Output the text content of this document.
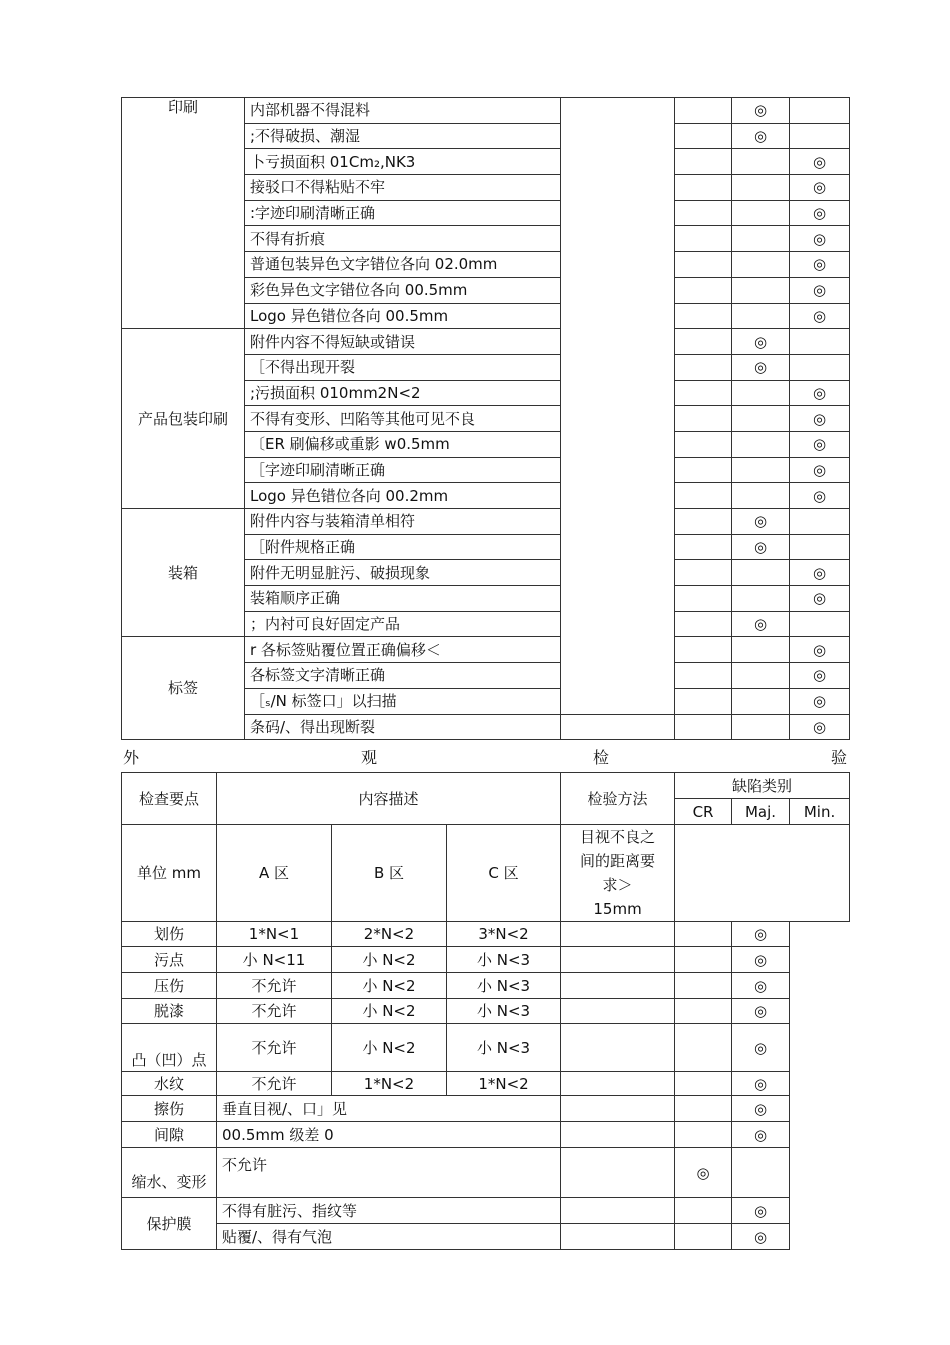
印刷	内部机器不得混料			◎	
	;不得破损、潮湿			◎	
	卜亏损面积 01Cm₂,NK3				◎
	接驳口不得粘贴不牢				◎
	:字迹印刷清晰正确				◎
	不得有折痕				◎
	普通包装异色文字错位各向 02.0mm				◎
	彩色异色文字错位各向 00.5mm				◎
	Logo 异色错位各向 00.5mm				◎
产品包装印刷	附件内容不得短缺或错误			◎	
	［不得出现开裂			◎	
	;污损面积 010mm2N<2				◎
	不得有变形、凹陷等其他可见不良				◎
	〔ER 刷偏移或重影 w0.5mm				◎
	［字迹印刷清晰正确				◎
	Logo 异色错位各向 00.2mm				◎
装箱	附件内容与装箱清单相符			◎	
	［附件规格正确			◎	
	附件无明显脏污、破损现象				◎
	装箱顺序正确				◎
	；内衬可良好固定产品			◎	
标签	r 各标签贴覆位置正确偏移＜				◎
	各标签文字清晰正确				◎
	［ₛ/N 标签口」以扫描				◎
	条码/、得出现断裂				◎
外	观	检	验
检查要点	内容描述			检验方法	缺陷类别		
					CR	Maj.	Min.
单位 mm	A 区	B 区	C 区	目视不良之
间的距离要
求＞
15mm			

划伤	1*N<1	2*N<2	3*N<2			◎	
污点	小 N<11	小 N<2	小 N<3			◎	
压伤	不允许	小 N<2	小 N<3			◎	
脱漆	不允许	小 N<2	小 N<3			◎	
凸（凹）点	不允许	小 N<2	小 N<3			◎	
水纹	不允许	1*N<2	1*N<2			◎	
擦伤	垂直目视/、口」见					◎	
间隙	00.5mm 级差 0					◎	
缩水、变形	不允许				◎		
保护膜	不得有脏污、指纹等					◎	
	贴覆/、得有气泡					◎	
